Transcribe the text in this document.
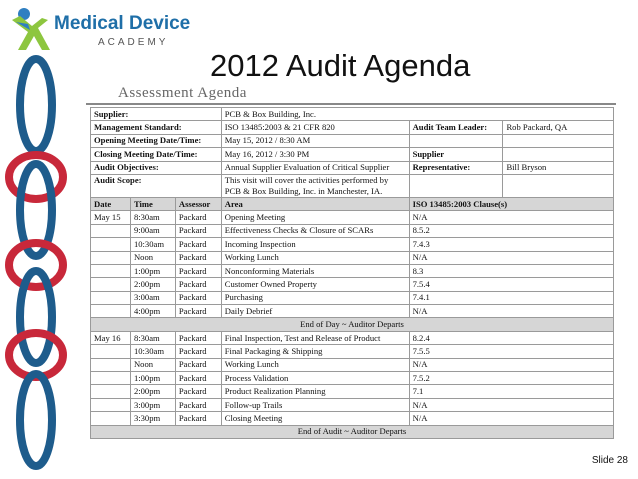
Medical Device
ACADEMY
2012 Audit Agenda
Assessment Agenda
Supplier:			PCB & Box Building, Inc.		
Management Standard:			ISO 13485:2003 & 21 CFR 820	Audit Team Leader:	Rob Packard, QA
Opening Meeting Date/Time:			May 15, 2012 / 8:30 AM		
Closing Meeting Date/Time:			May 16, 2012 / 3:30 PM	Supplier	
Audit Objectives:			Annual Supplier Evaluation of Critical Supplier	Representative:	Bill Bryson
Audit Scope:			This visit will cover the activities performed by
PCB & Box Building, Inc. in Manchester, IA.		

Date	Time	Assessor	Area	ISO 13485:2003 Clause(s)	
May 15	8:30am	Packard	Opening Meeting	N/A	
	9:00am	Packard	Effectiveness Checks & Closure of SCARs	8.5.2	
	10:30am	Packard	Incoming Inspection	7.4.3	
	Noon	Packard	Working Lunch	N/A	
	1:00pm	Packard	Nonconforming Materials	8.3	
	2:00pm	Packard	Customer Owned Property	7.5.4	
	3:00am	Packard	Purchasing	7.4.1	
	4:00pm	Packard	Daily Debrief	N/A	
End of Day ~ Auditor Departs					
May 16	8:30am	Packard	Final Inspection, Test and Release of Product	8.2.4	
	10:30am	Packard	Final Packaging & Shipping	7.5.5	
	Noon	Packard	Working Lunch	N/A	
	1:00pm	Packard	Process Validation	7.5.2	
	2:00pm	Packard	Product Realization Planning	7.1	
	3:00pm	Packard	Follow-up Trails	N/A	
	3:30pm	Packard	Closing Meeting	N/A	
End of Audit ~ Auditor Departs					
Slide 28
